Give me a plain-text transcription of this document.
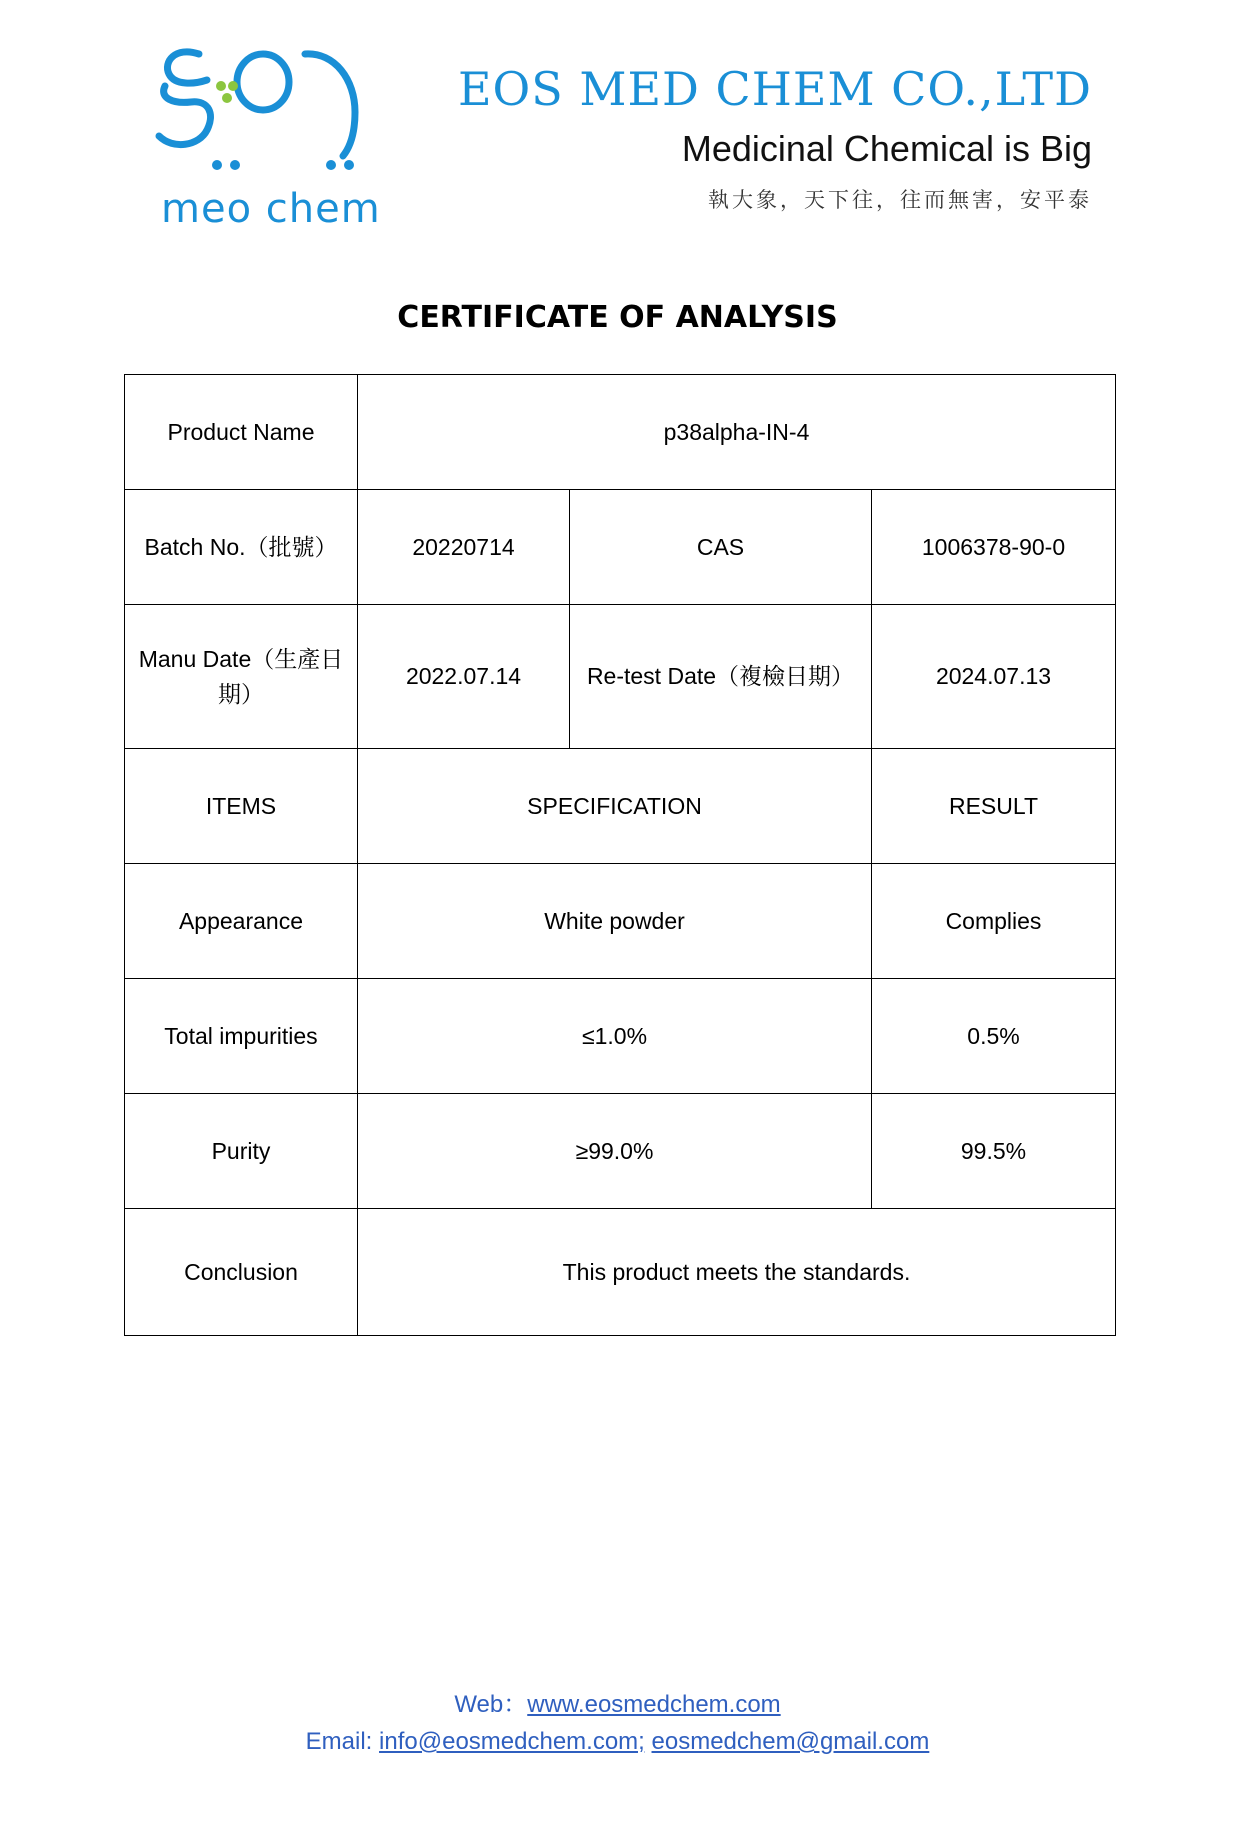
meo chem
EOS MED CHEM CO.,LTD
Medicinal Chemical is Big
執大象，天下往，往而無害，安平泰
CERTIFICATE OF ANALYSIS
Product Name	p38alpha-IN-4		
Batch No.（批號）	20220714	CAS	1006378-90-0
Manu Date（生產日期）	2022.07.14	Re-test Date（複檢日期）	2024.07.13
ITEMS	SPECIFICATION		RESULT
Appearance	White powder		Complies
Total impurities	≤1.0%		0.5%
Purity	≥99.0%		99.5%
Conclusion	This product meets the standards.		
Web：www.eosmedchem.com
Email: info@eosmedchem.com; eosmedchem@gmail.com
